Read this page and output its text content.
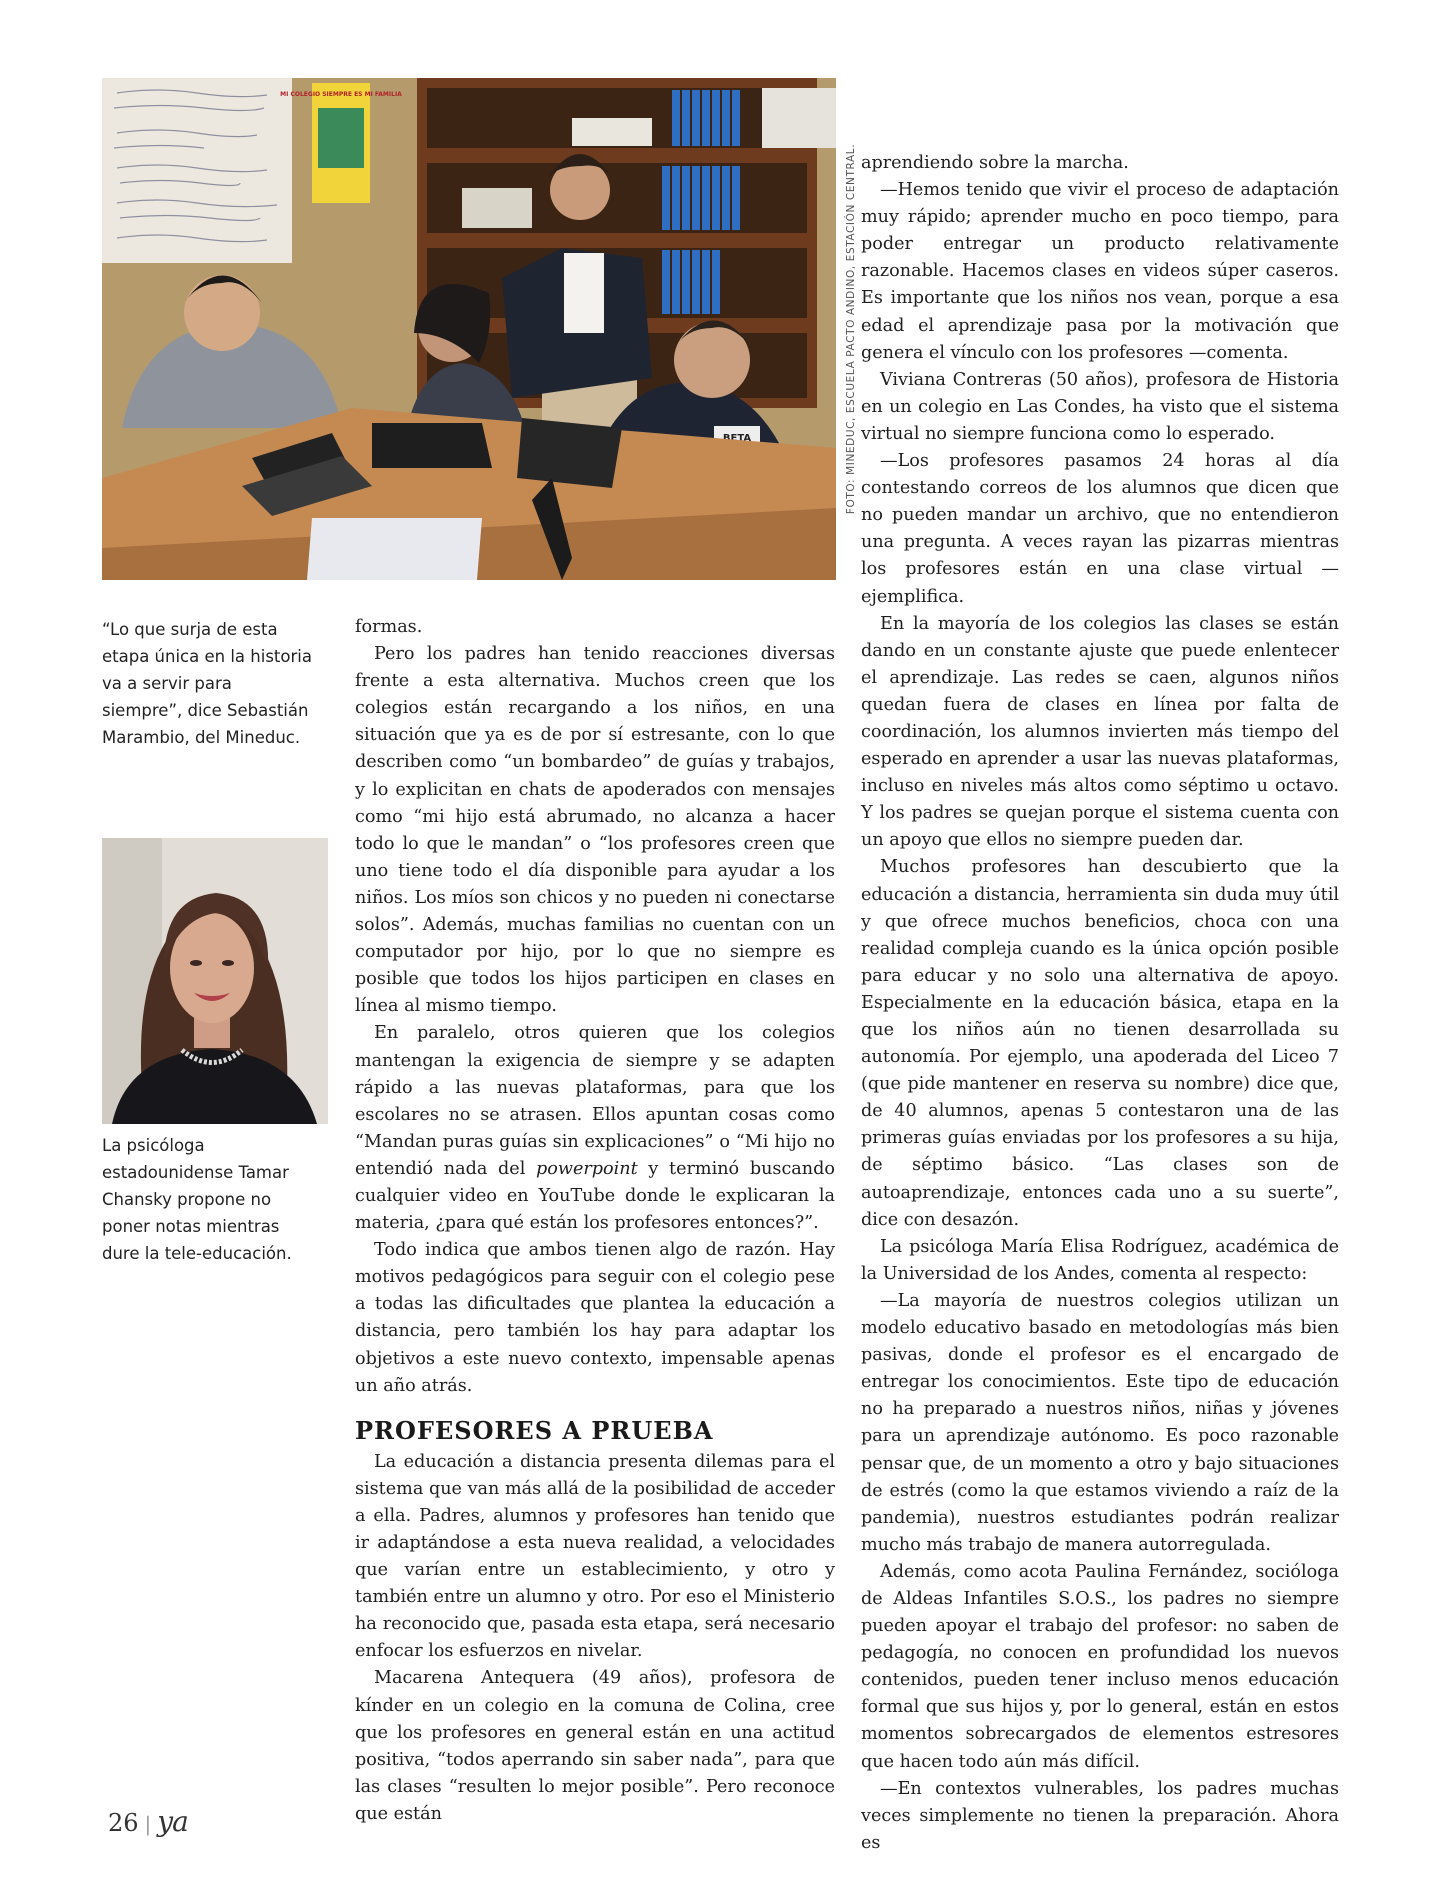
MI COLEGIO SIEMPRE ES MI FAMILIA
BETA	FOTO: MINEDUC, ESCUELA PACTO ANDINO, ESTACIÓN CENTRAL.
“Lo que surja de esta etapa única en la historia va a servir para siempre”, dice Sebastián Marambio, del Mineduc.
La psicóloga estadounidense Tamar Chansky propone no poner notas mientras dure la tele-educación.

formas.

Pero los padres han tenido reacciones diversas frente a esta alternativa. Muchos creen que los colegios están recargando a los niños, en una situación que ya es de por sí estresante, con lo que describen como “un bombardeo” de guías y trabajos, y lo explicitan en chats de apoderados con mensajes como “mi hijo está abrumado, no alcanza a hacer todo lo que le mandan” o “los profesores creen que uno tiene todo el día disponible para ayudar a los niños. Los míos son chicos y no pueden ni conectarse solos”. Además, muchas familias no cuentan con un computador por hijo, por lo que no siempre es posible que todos los hijos participen en clases en línea al mismo tiempo.

En paralelo, otros quieren que los colegios mantengan la exigencia de siempre y se adapten rápido a las nuevas plataformas, para que los escolares no se atrasen. Ellos apuntan cosas como “Mandan puras guías sin explicaciones” o “Mi hijo no entendió nada del powerpoint y terminó buscando cualquier video en YouTube donde le explicaran la materia, ¿para qué están los profesores entonces?”.

Todo indica que ambos tienen algo de razón. Hay motivos pedagógicos para seguir con el colegio pese a todas las dificultades que plantea la educación a distancia, pero también los hay para adaptar los objetivos a este nuevo contexto, impensable apenas un año atrás.

PROFESORES A PRUEBA

La educación a distancia presenta dilemas para el sistema que van más allá de la posibilidad de acceder a ella. Padres, alumnos y profesores han tenido que ir adaptándose a esta nueva realidad, a velocidades que varían entre un establecimiento, y otro y también entre un alumno y otro. Por eso el Ministerio ha reconocido que, pasada esta etapa, será necesario enfocar los esfuerzos en nivelar.

Macarena Antequera (49 años), profesora de kínder en un colegio en la comuna de Colina, cree que los profesores en general están en una actitud positiva, “todos aperrando sin saber nada”, para que las clases “resulten lo mejor posible”. Pero reconoce que están

aprendiendo sobre la marcha.

—Hemos tenido que vivir el proceso de adaptación muy rápido; aprender mucho en poco tiempo, para poder entregar un producto relativamente razonable. Hacemos clases en videos súper caseros. Es importante que los niños nos vean, porque a esa edad el aprendizaje pasa por la motivación que genera el vínculo con los profesores —comenta.

Viviana Contreras (50 años), profesora de Historia en un colegio en Las Condes, ha visto que el sistema virtual no siempre funciona como lo esperado.

—Los profesores pasamos 24 horas al día contestando correos de los alumnos que dicen que no pueden mandar un archivo, que no entendieron una pregunta. A veces rayan las pizarras mientras los profesores están en una clase virtual —ejemplifica.

En la mayoría de los colegios las clases se están dando en un constante ajuste que puede enlentecer el aprendizaje. Las redes se caen, algunos niños quedan fuera de clases en línea por falta de coordinación, los alumnos invierten más tiempo del esperado en aprender a usar las nuevas plataformas, incluso en niveles más altos como séptimo u octavo. Y los padres se quejan porque el sistema cuenta con un apoyo que ellos no siempre pueden dar.

Muchos profesores han descubierto que la educación a distancia, herramienta sin duda muy útil y que ofrece muchos beneficios, choca con una realidad compleja cuando es la única opción posible para educar y no solo una alternativa de apoyo. Especialmente en la educación básica, etapa en la que los niños aún no tienen desarrollada su autonomía. Por ejemplo, una apoderada del Liceo 7 (que pide mantener en reserva su nombre) dice que, de 40 alumnos, apenas 5 contestaron una de las primeras guías enviadas por los profesores a su hija, de séptimo básico. “Las clases son de autoaprendizaje, entonces cada uno a su suerte”, dice con desazón.

La psicóloga María Elisa Rodríguez, académica de la Universidad de los Andes, comenta al respecto:

—La mayoría de nuestros colegios utilizan un modelo educativo basado en metodologías más bien pasivas, donde el profesor es el encargado de entregar los conocimientos. Este tipo de educación no ha preparado a nuestros niños, niñas y jóvenes para un aprendizaje autónomo. Es poco razonable pensar que, de un momento a otro y bajo situaciones de estrés (como la que estamos viviendo a raíz de la pandemia), nuestros estudiantes podrán realizar mucho más trabajo de manera autorregulada.

Además, como acota Paulina Fernández, socióloga de Aldeas Infantiles S.O.S., los padres no siempre pueden apoyar el trabajo del profesor: no saben de pedagogía, no conocen en profundidad los nuevos contenidos, pueden tener incluso menos educación formal que sus hijos y, por lo general, están en estos momentos sobrecargados de elementos estresores que hacen todo aún más difícil.

—En contextos vulnerables, los padres muchas veces simplemente no tienen la preparación. Ahora es

26 | ya
